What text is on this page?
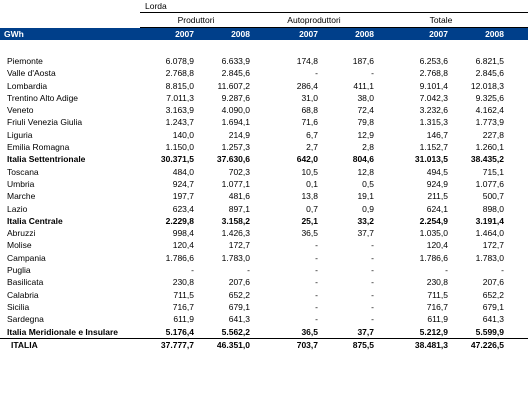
	Lorda						
	Produttori		Autoproduttori		Totale		
GWh	2007	2008	2007	2008	2007	2008	

Piemonte	6.078,9	6.633,9	174,8	187,6	6.253,6	6.821,5	
Valle d'Aosta	2.768,8	2.845,6	-	-	2.768,8	2.845,6	
Lombardia	8.815,0	11.607,2	286,4	411,1	9.101,4	12.018,3	
Trentino Alto Adige	7.011,3	9.287,6	31,0	38,0	7.042,3	9.325,6	
Veneto	3.163,9	4.090,0	68,8	72,4	3.232,6	4.162,4	
Friuli Venezia Giulia	1.243,7	1.694,1	71,6	79,8	1.315,3	1.773,9	
Liguria	140,0	214,9	6,7	12,9	146,7	227,8	
Emilia Romagna	1.150,0	1.257,3	2,7	2,8	1.152,7	1.260,1	
Italia Settentrionale	30.371,5	37.630,6	642,0	804,6	31.013,5	38.435,2	
Toscana	484,0	702,3	10,5	12,8	494,5	715,1	
Umbria	924,7	1.077,1	0,1	0,5	924,9	1.077,6	
Marche	197,7	481,6	13,8	19,1	211,5	500,7	
Lazio	623,4	897,1	0,7	0,9	624,1	898,0	
Italia Centrale	2.229,8	3.158,2	25,1	33,2	2.254,9	3.191,4	
Abruzzi	998,4	1.426,3	36,5	37,7	1.035,0	1.464,0	
Molise	120,4	172,7	-	-	120,4	172,7	
Campania	1.786,6	1.783,0	-	-	1.786,6	1.783,0	
Puglia	-	-	-	-	-	-	
Basilicata	230,8	207,6	-	-	230,8	207,6	
Calabria	711,5	652,2	-	-	711,5	652,2	
Sicilia	716,7	679,1	-	-	716,7	679,1	
Sardegna	611,9	641,3	-	-	611,9	641,3	
Italia Meridionale e Insulare	5.176,4	5.562,2	36,5	37,7	5.212,9	5.599,9	
ITALIA	37.777,7	46.351,0	703,7	875,5	38.481,3	47.226,5	
